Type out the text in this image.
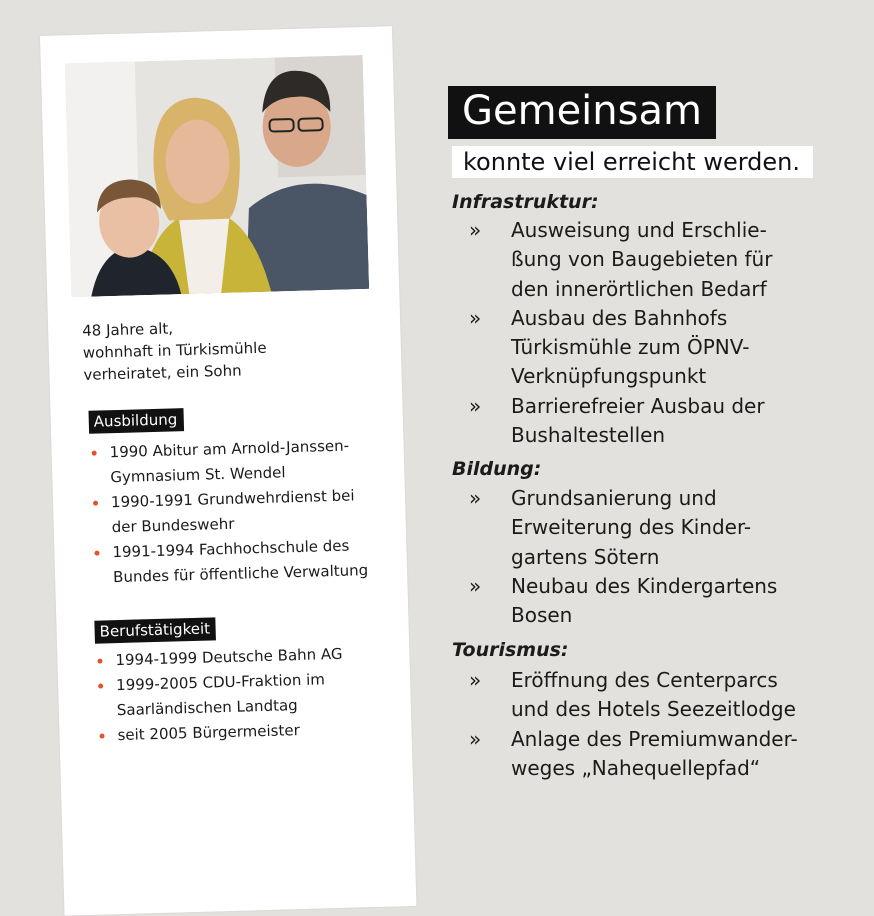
48 Jahre alt,

wohnhaft in Türkismühle

verheiratet, ein Sohn

Ausbildung
1990 Abitur am Arnold-Janssen-
Gymnasium St. Wendel
1990-1991 Grundwehrdienst bei
der Bundeswehr
1991-1994 Fachhochschule des
Bundes für öffentliche Verwaltung
Berufstätigkeit
1994-1999 Deutsche Bahn AG
1999-2005 CDU-Fraktion im
Saarländischen Landtag
seit 2005 Bürgermeister
Gemeinsam
konnte viel erreicht werden.

Infrastruktur:

» Ausweisung und Erschlie-
ßung von Baugebieten für
den innerörtlichen Bedarf
» Ausbau des Bahnhofs
Türkismühle zum ÖPNV-
Verknüpfungspunkt
» Barrierefreier Ausbau der
Bushaltestellen

Bildung:

» Grundsanierung und
Erweiterung des Kinder-
gartens Sötern
» Neubau des Kindergartens
Bosen

Tourismus:

» Eröffnung des Centerparcs
und des Hotels Seezeitlodge
» Anlage des Premiumwander-
weges „Nahequellepfad“
